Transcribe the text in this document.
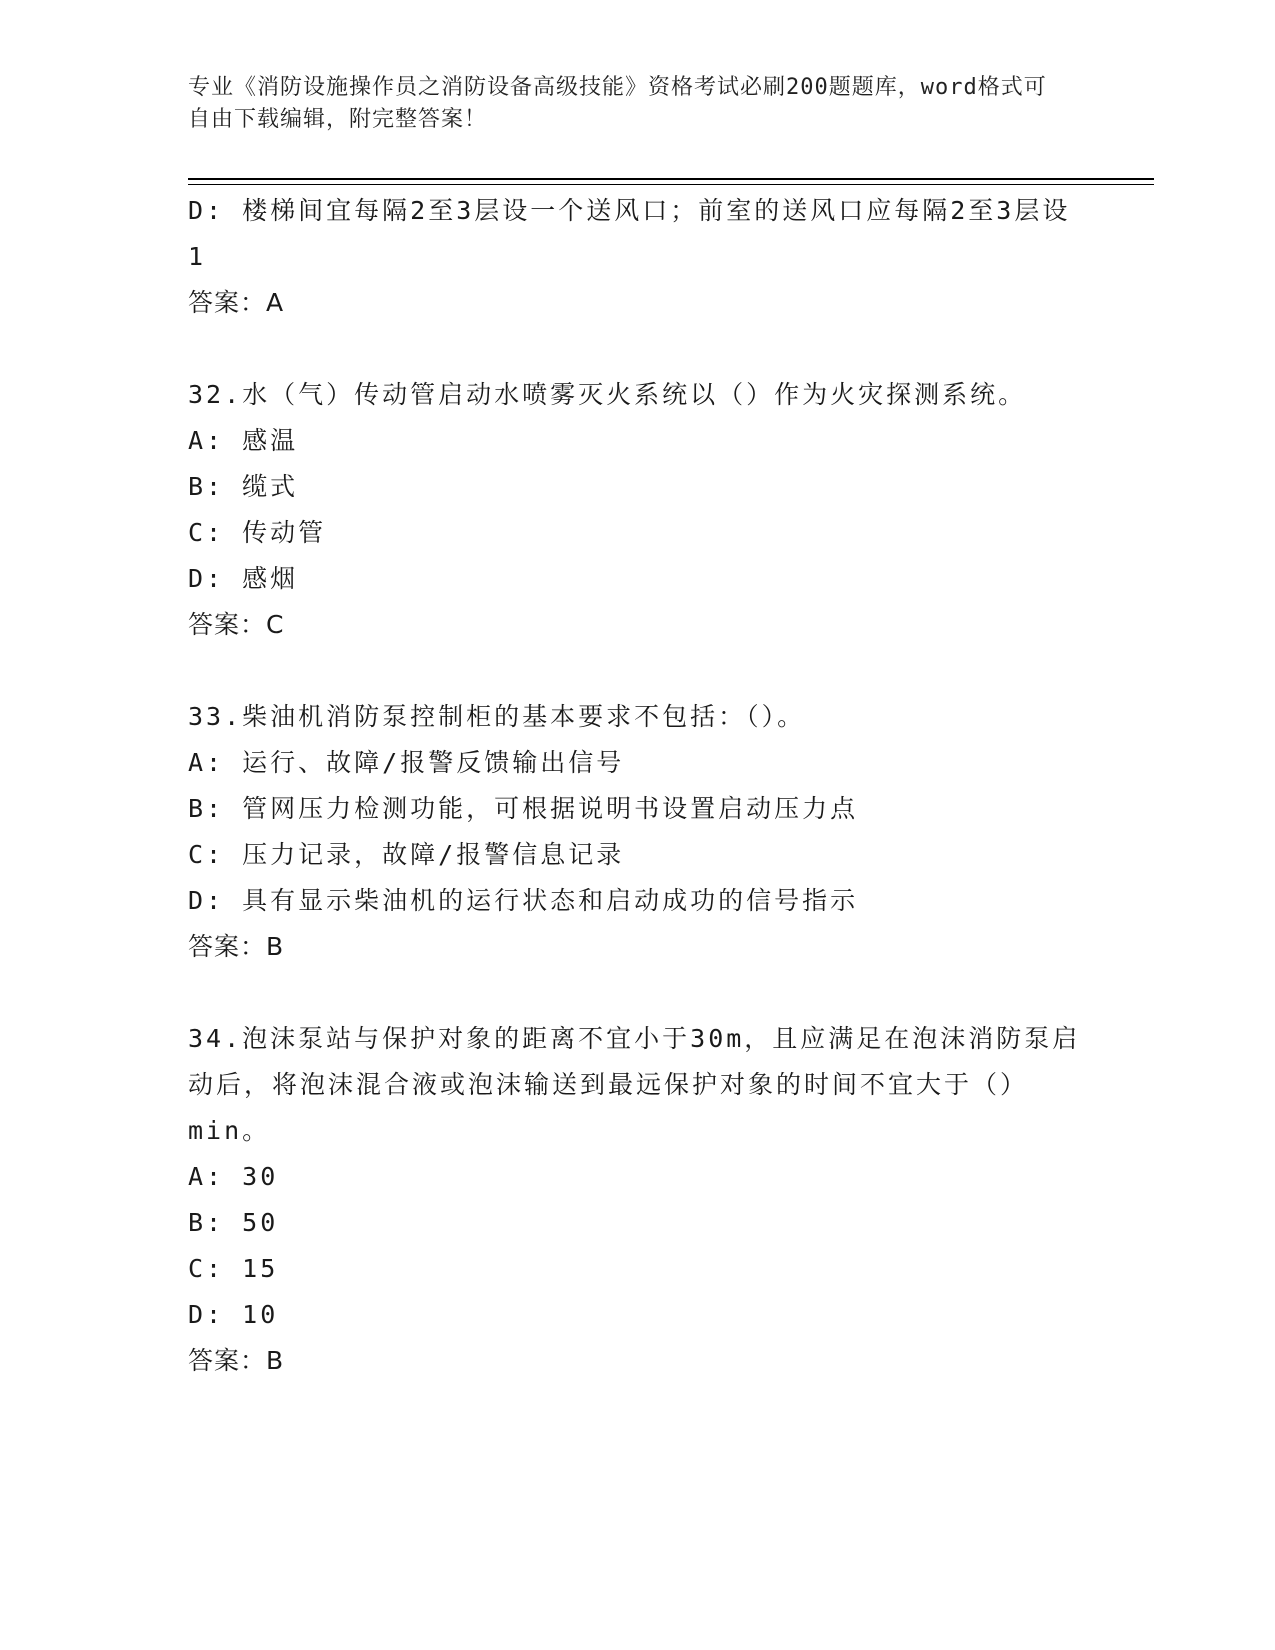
专业《消防设施操作员之消防设备高级技能》资格考试必刷200题题库，word格式可自由下载编辑，附完整答案！
D: 楼梯间宜每隔2至3层设一个送风口；前室的送风口应每隔2至3层设1
答案：A
32.水（气）传动管启动水喷雾灭火系统以（）作为火灾探测系统。
A: 感温
B: 缆式
C: 传动管
D: 感烟
答案：C
33.柴油机消防泵控制柜的基本要求不包括：（）。
A: 运行、故障/报警反馈输出信号
B: 管网压力检测功能，可根据说明书设置启动压力点
C: 压力记录，故障/报警信息记录
D: 具有显示柴油机的运行状态和启动成功的信号指示
答案：B
34.泡沫泵站与保护对象的距离不宜小于30m，且应满足在泡沫消防泵启动后，将泡沫混合液或泡沫输送到最远保护对象的时间不宜大于（）min。
A: 30
B: 50
C: 15
D: 10
答案：B
